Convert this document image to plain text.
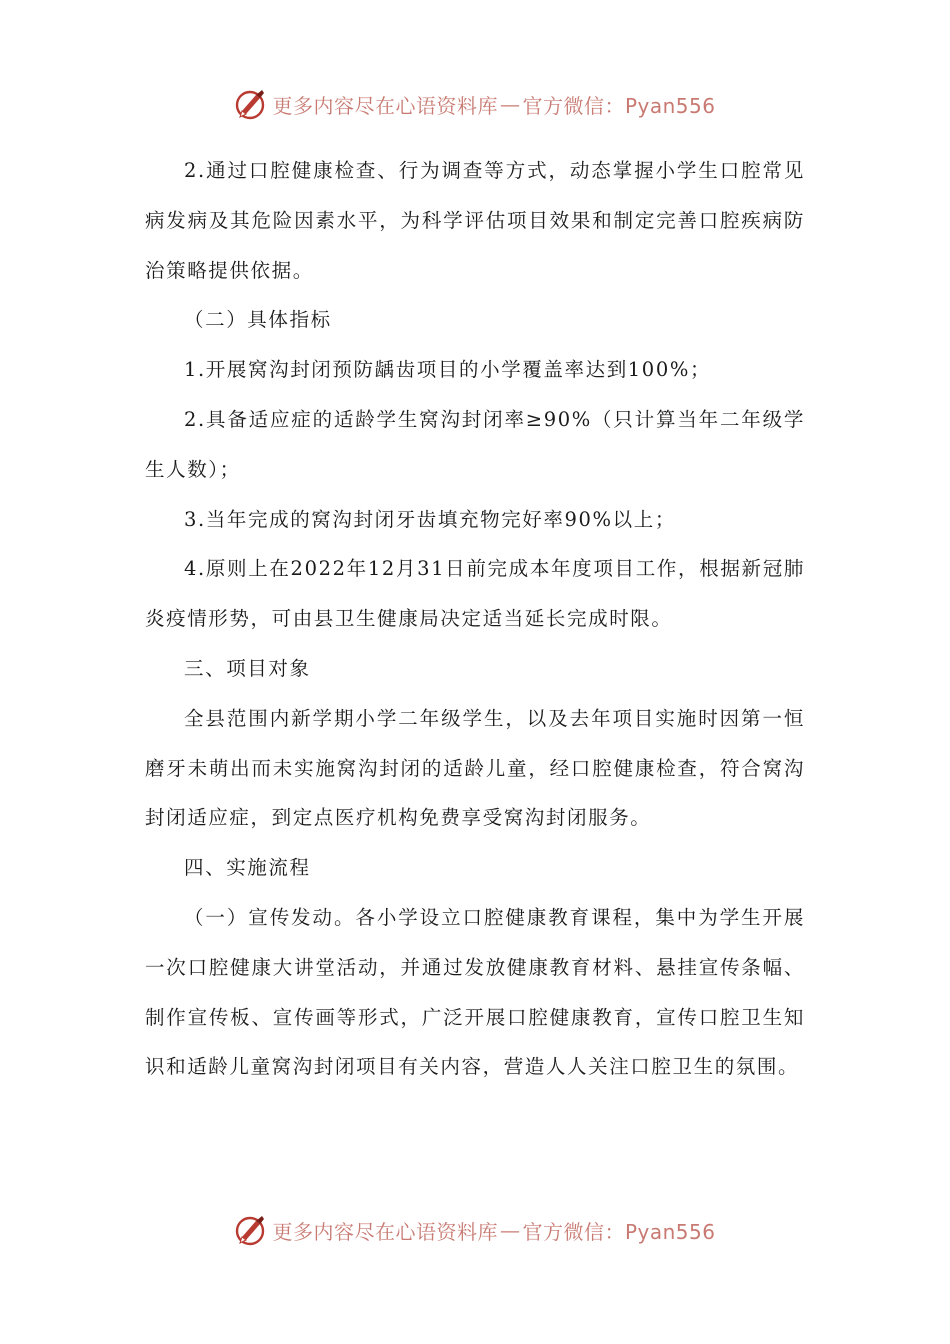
更多内容尽在心语资料库 — 官方微信：Pyan556

2.通过口腔健康检查、行为调查等方式，动态掌握小学生口腔常见病发病及其危险因素水平，为科学评估项目效果和制定完善口腔疾病防治策略提供依据。

（二）具体指标

1.开展窝沟封闭预防龋齿项目的小学覆盖率达到100%；

2.具备适应症的适龄学生窝沟封闭率≥90%（只计算当年二年级学生人数）；

3.当年完成的窝沟封闭牙齿填充物完好率90%以上；

4.原则上在2022年12月31日前完成本年度项目工作，根据新冠肺炎疫情形势，可由县卫生健康局决定适当延长完成时限。

三、项目对象

全县范围内新学期小学二年级学生，以及去年项目实施时因第一恒磨牙未萌出而未实施窝沟封闭的适龄儿童，经口腔健康检查，符合窝沟封闭适应症，到定点医疗机构免费享受窝沟封闭服务。

四、实施流程

（一）宣传发动。各小学设立口腔健康教育课程，集中为学生开展一次口腔健康大讲堂活动，并通过发放健康教育材料、悬挂宣传条幅、制作宣传板、宣传画等形式，广泛开展口腔健康教育，宣传口腔卫生知识和适龄儿童窝沟封闭项目有关内容，营造人人关注口腔卫生的氛围。

更多内容尽在心语资料库 — 官方微信：Pyan556
